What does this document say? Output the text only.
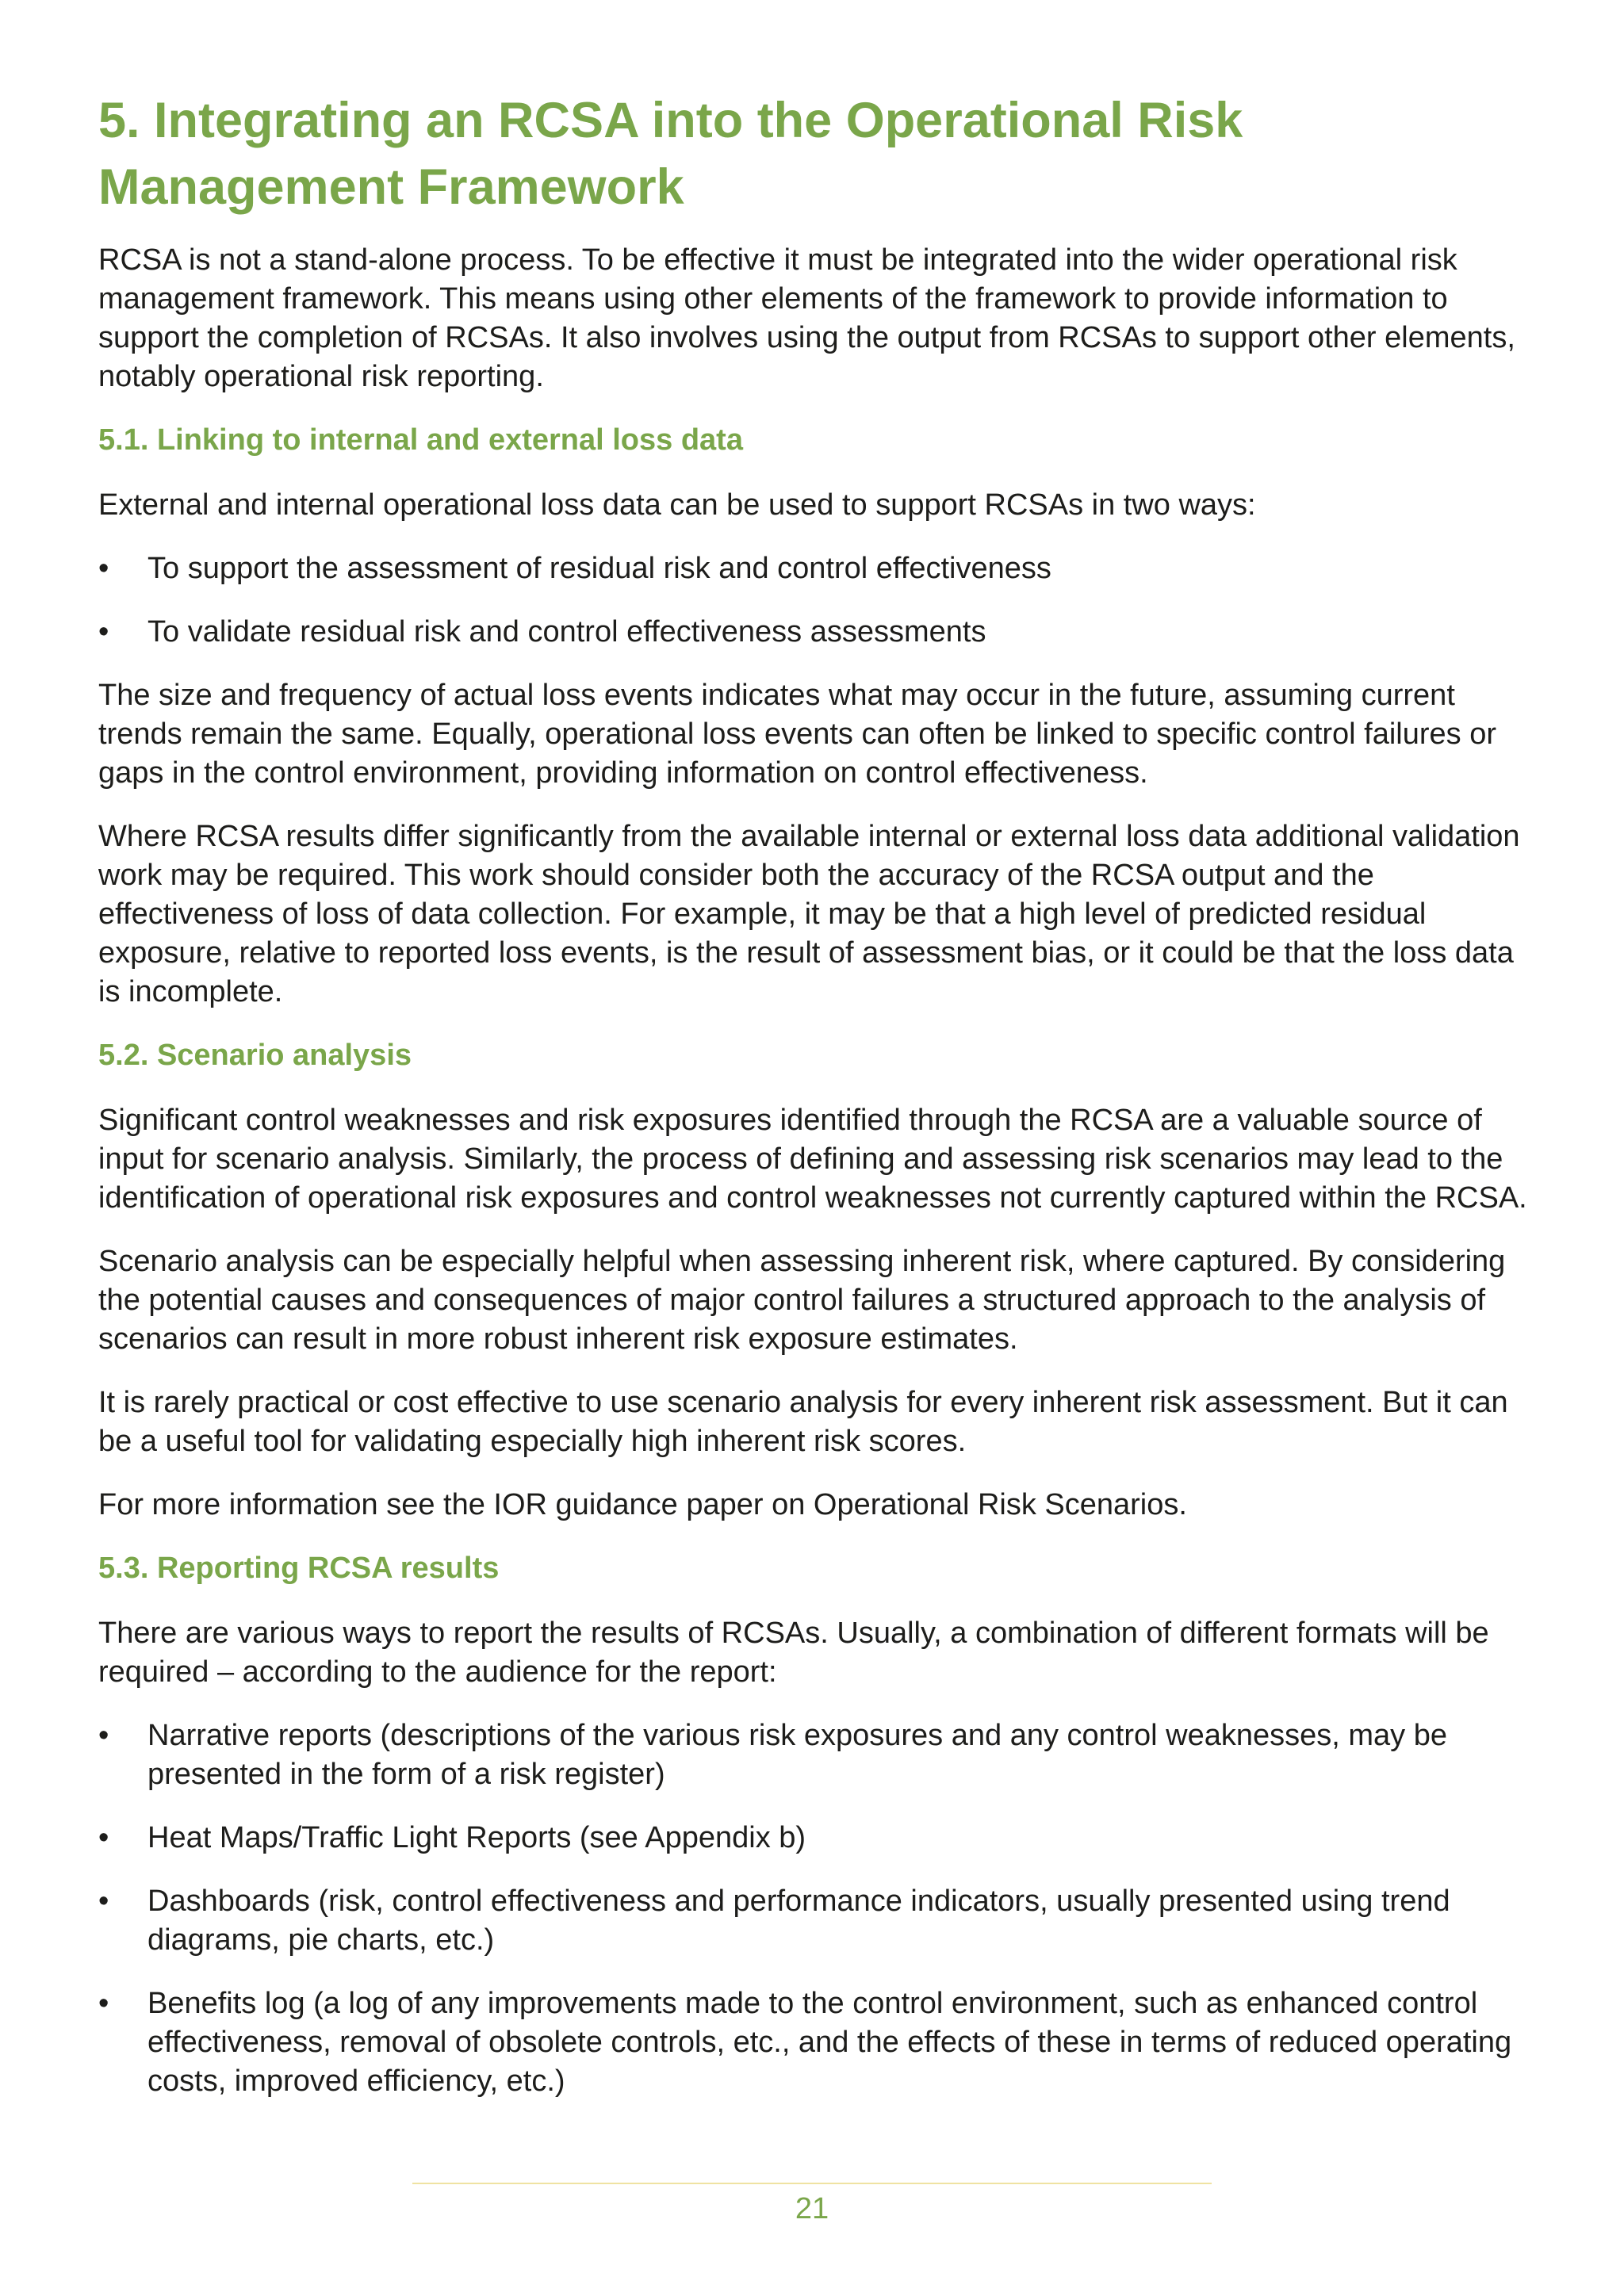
5. Integrating an RCSA into the Operational Risk Management Framework

RCSA is not a stand-alone process. To be effective it must be integrated into the wider operational risk management framework. This means using other elements of the framework to provide information to support the completion of RCSAs. It also involves using the output from RCSAs to support other elements, notably operational risk reporting.

5.1. Linking to internal and external loss data

External and internal operational loss data can be used to support RCSAs in two ways:

•	To support the assessment of residual risk and control effectiveness
•	To validate residual risk and control effectiveness assessments

The size and frequency of actual loss events indicates what may occur in the future, assuming current trends remain the same. Equally, operational loss events can often be linked to specific control failures or gaps in the control environment, providing information on control effectiveness.

Where RCSA results differ significantly from the available internal or external loss data additional validation work may be required. This work should consider both the accuracy of the RCSA output and the effectiveness of loss of data collection. For example, it may be that a high level of predicted residual exposure, relative to reported loss events, is the result of assessment bias, or it could be that the loss data is incomplete.

5.2. Scenario analysis

Significant control weaknesses and risk exposures identified through the RCSA are a valuable source of input for scenario analysis. Similarly, the process of defining and assessing risk scenarios may lead to the identification of operational risk exposures and control weaknesses not currently captured within the RCSA.

Scenario analysis can be especially helpful when assessing inherent risk, where captured. By considering the potential causes and consequences of major control failures a structured approach to the analysis of scenarios can result in more robust inherent risk exposure estimates.

It is rarely practical or cost effective to use scenario analysis for every inherent risk assessment. But it can be a useful tool for validating especially high inherent risk scores.

For more information see the IOR guidance paper on Operational Risk Scenarios.

5.3. Reporting RCSA results

There are various ways to report the results of RCSAs. Usually, a combination of different formats will be required – according to the audience for the report:

•	Narrative reports (descriptions of the various risk exposures and any control weaknesses, may be presented in the form of a risk register)
•	Heat Maps/Traffic Light Reports (see Appendix b)
•	Dashboards (risk, control effectiveness and performance indicators, usually presented using trend diagrams, pie charts, etc.)
•	Benefits log (a log of any improvements made to the control environment, such as enhanced control effectiveness, removal of obsolete controls, etc., and the effects of these in terms of reduced operating costs, improved efficiency, etc.)
21
